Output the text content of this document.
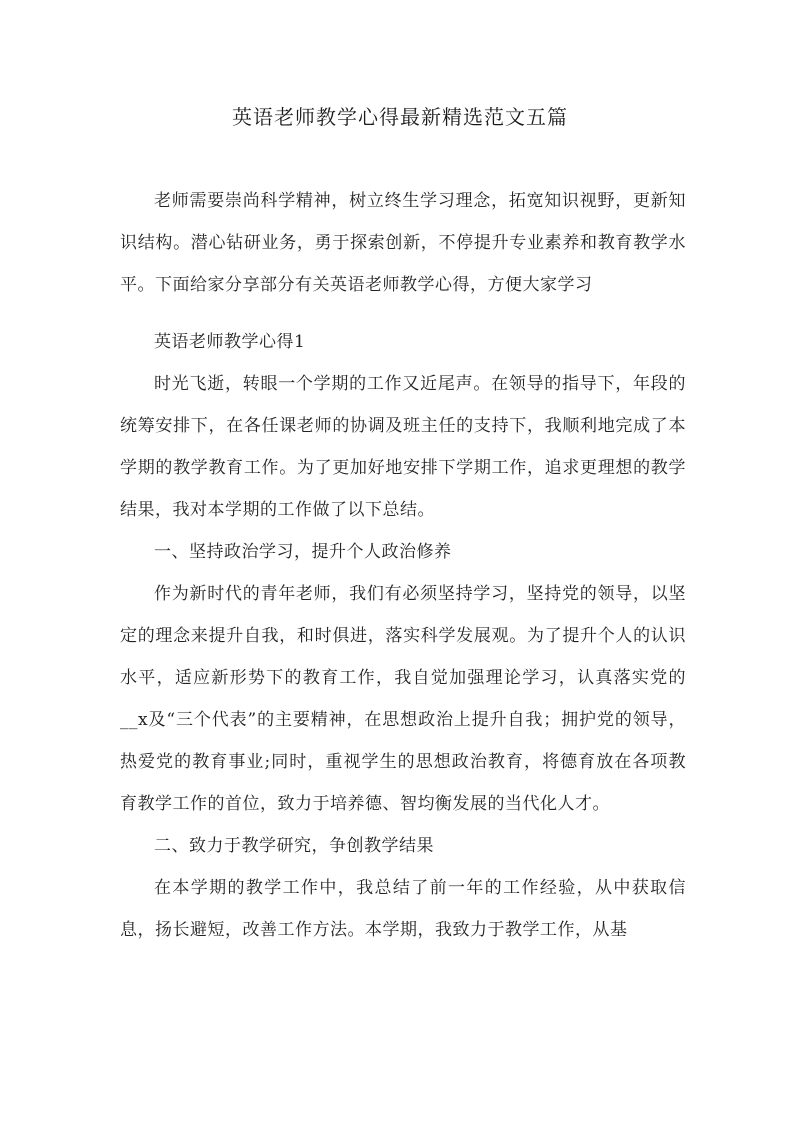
英语老师教学心得最新精选范文五篇

老师需要崇尚科学精神，树立终生学习理念，拓宽知识视野，更新知识结构。潜心钻研业务，勇于探索创新，不停提升专业素养和教育教学水平。下面给家分享部分有关英语老师教学心得，方便大家学习

英语老师教学心得1

时光飞逝，转眼一个学期的工作又近尾声。在领导的指导下，年段的统筹安排下，在各任课老师的协调及班主任的支持下，我顺利地完成了本学期的教学教育工作。为了更加好地安排下学期工作，追求更理想的教学结果，我对本学期的工作做了以下总结。

一、坚持政治学习，提升个人政治修养

作为新时代的青年老师，我们有必须坚持学习，坚持党的领导，以坚定的理念来提升自我，和时俱进，落实科学发展观。为了提升个人的认识水平，适应新形势下的教育工作，我自觉加强理论学习，认真落实党的__x及“三个代表”的主要精神，在思想政治上提升自我；拥护党的领导，热爱党的教育事业;同时，重视学生的思想政治教育，将德育放在各项教育教学工作的首位，致力于培养德、智均衡发展的当代化人才。

二、致力于教学研究，争创教学结果

在本学期的教学工作中，我总结了前一年的工作经验，从中获取信息，扬长避短，改善工作方法。本学期，我致力于教学工作，从基
